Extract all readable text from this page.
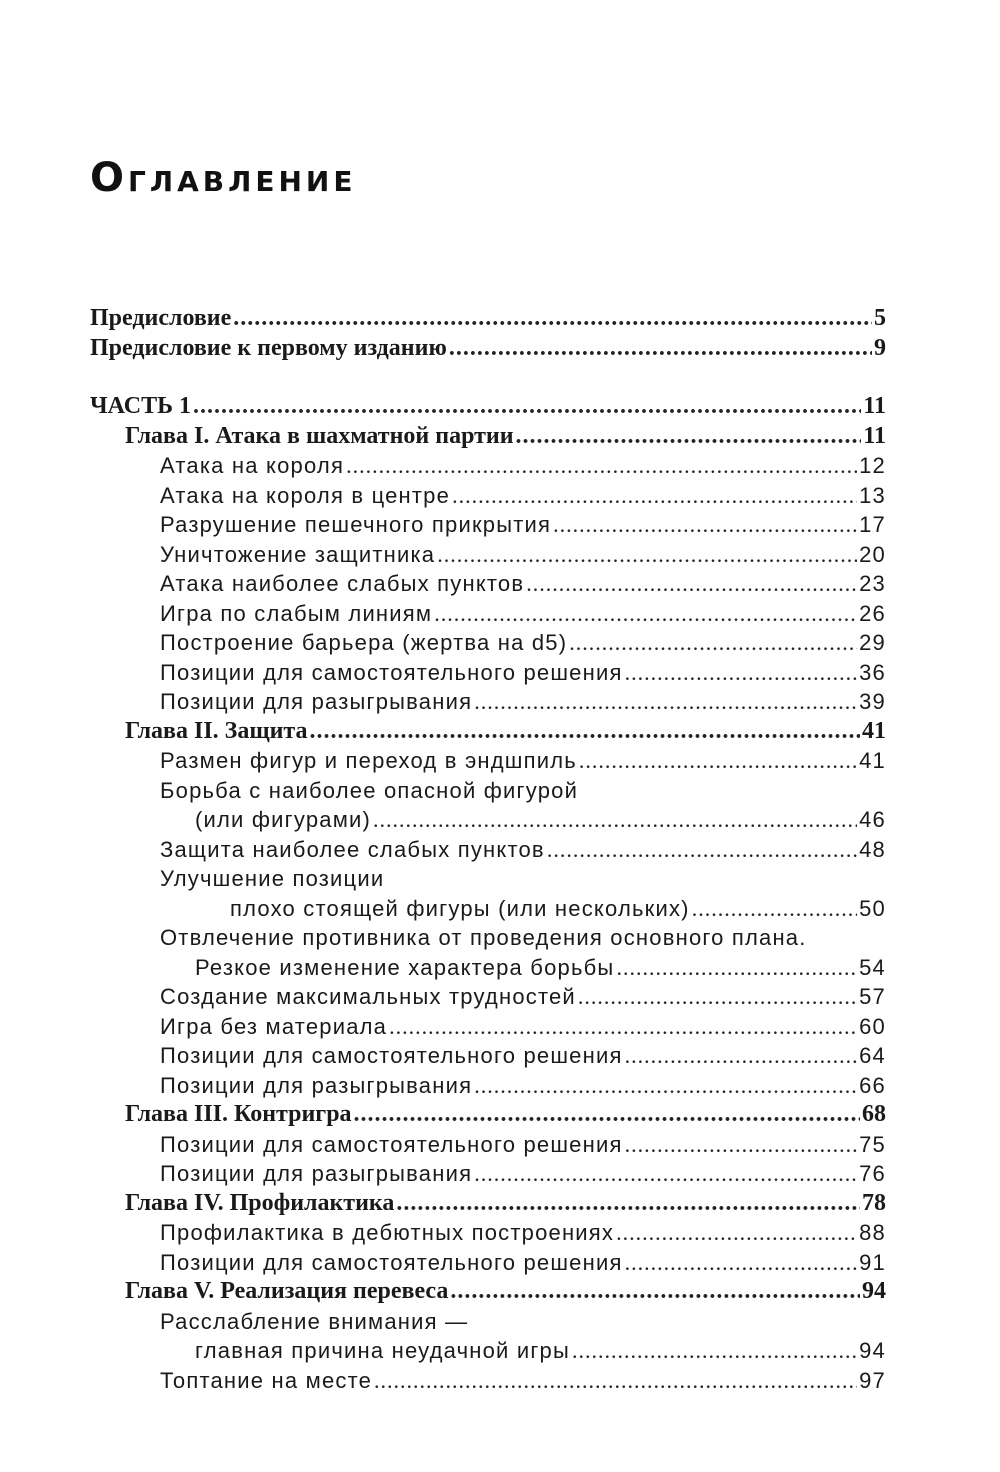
Оглавление
Предисловие .....	5
Предисловие к первому изданию .....	9
ЧАСТЬ 1 .....	11
Глава I. Атака в шахматной партии .....	11
Атака на короля .....	12
Атака на короля в центре .....	13
Разрушение пешечного прикрытия .....	17
Уничтожение защитника .....	20
Атака наиболее слабых пунктов .....	23
Игра по слабым линиям .....	26
Построение барьера (жертва на d5) .....	29
Позиции для самостоятельного решения .....	36
Позиции для разыгрывания .....	39
Глава II. Защита .....	41
Размен фигур и переход в эндшпиль .....	41
Борьба с наиболее опасной фигурой
(или фигурами) .....	46
Защита наиболее слабых пунктов .....	48
Улучшение позиции
плохо стоящей фигуры (или нескольких) .....	50
Отвлечение противника от проведения основного плана.
Резкое изменение характера борьбы .....	54
Создание максимальных трудностей .....	57
Игра без материала .....	60
Позиции для самостоятельного решения .....	64
Позиции для разыгрывания .....	66
Глава III. Контригра .....	68
Позиции для самостоятельного решения .....	75
Позиции для разыгрывания .....	76
Глава IV. Профилактика .....	78
Профилактика в дебютных построениях .....	88
Позиции для самостоятельного решения .....	91
Глава V. Реализация перевеса .....	94
Расслабление внимания —
главная причина неудачной игры .....	94
Топтание на месте .....	97
